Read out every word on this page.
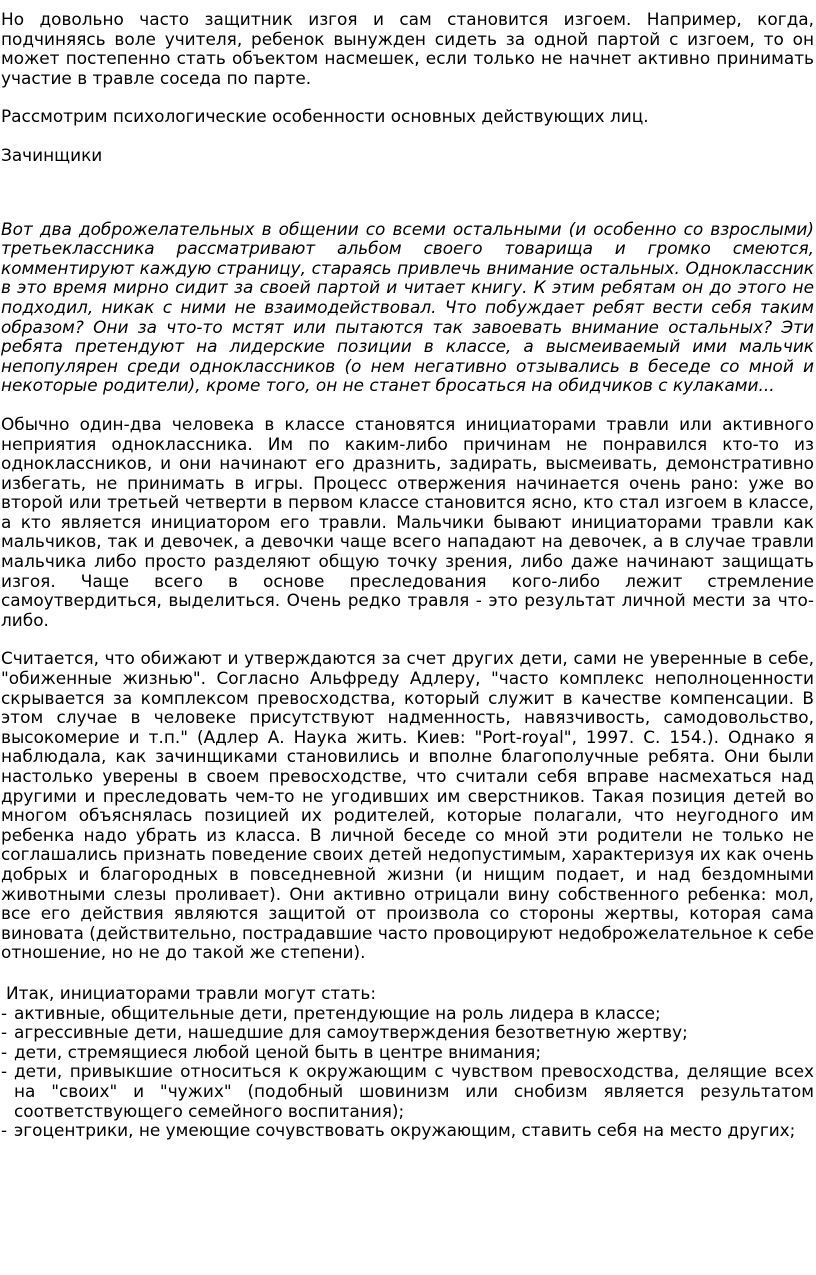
Но довольно часто защитник изгоя и сам становится изгоем. Например, когда, подчиняясь воле учителя, ребенок вынужден сидеть за одной партой с изгоем, то он может постепенно стать объектом насмешек, если только не начнет активно принимать участие в травле соседа по парте.

Рассмотрим психологические особенности основных действующих лиц.

Зачинщики

Вот два доброжелательных в общении со всеми остальными (и особенно со взрослыми) третьеклассника рассматривают альбом своего товарища и громко смеются, комментируют каждую страницу, стараясь привлечь внимание остальных. Одноклассник в это время мирно сидит за своей партой и читает книгу. К этим ребятам он до этого не подходил, никак с ними не взаимодействовал. Что побуждает ребят вести себя таким образом? Они за что-то мстят или пытаются так завоевать внимание остальных? Эти ребята претендуют на лидерские позиции в классе, а высмеиваемый ими мальчик непопулярен среди одноклассников (о нем негативно отзывались в беседе со мной и некоторые родители), кроме того, он не станет бросаться на обидчиков с кулаками...

Обычно один-два человека в классе становятся инициаторами травли или активного неприятия одноклассника. Им по каким-либо причинам не понравился кто-то из одноклассников, и они начинают его дразнить, задирать, высмеивать, демонстративно избегать, не принимать в игры. Процесс отвержения начинается очень рано: уже во второй или третьей четверти в первом классе становится ясно, кто стал изгоем в классе, а кто является инициатором его травли. Мальчики бывают инициаторами травли как мальчиков, так и девочек, а девочки чаще всего нападают на девочек, а в случае травли мальчика либо просто разделяют общую точку зрения, либо даже начинают защищать изгоя. Чаще всего в основе преследования кого-либо лежит стремление самоутвердиться, выделиться. Очень редко травля - это результат личной мести за что-либо.

Считается, что обижают и утверждаются за счет других дети, сами не уверенные в себе, "обиженные жизнью". Согласно Альфреду Адлеру, "часто комплекс неполноценности скрывается за комплексом превосходства, который служит в качестве компенсации. В этом случае в человеке присутствуют надменность, навязчивость, самодовольство, высокомерие и т.п." (Адлер А. Наука жить. Киев: "Port-royal", 1997. С. 154.). Однако я наблюдала, как зачинщиками становились и вполне благополучные ребята. Они были настолько уверены в своем превосходстве, что считали себя вправе насмехаться над другими и преследовать чем-то не угодивших им сверстников. Такая позиция детей во многом объяснялась позицией их родителей, которые полагали, что неугодного им ребенка надо убрать из класса. В личной беседе со мной эти родители не только не соглашались признать поведение своих детей недопустимым, характеризуя их как очень добрых и благородных в повседневной жизни (и нищим подает, и над бездомными животными слезы проливает). Они активно отрицали вину собственного ребенка: мол, все его действия являются защитой от произвола со стороны жертвы, которая сама виновата (действительно, пострадавшие часто провоцируют недоброжелательное к себе отношение, но не до такой же степени).

Итак, инициаторами травли могут стать:

- активные, общительные дети, претендующие на роль лидера в классе;
- агрессивные дети, нашедшие для самоутверждения безответную жертву;
- дети, стремящиеся любой ценой быть в центре внимания;
- дети, привыкшие относиться к окружающим с чувством превосходства, делящие всех на "своих" и "чужих" (подобный шовинизм или снобизм является результатом соответствующего семейного воспитания);
- эгоцентрики, не умеющие сочувствовать окружающим, ставить себя на место других;
